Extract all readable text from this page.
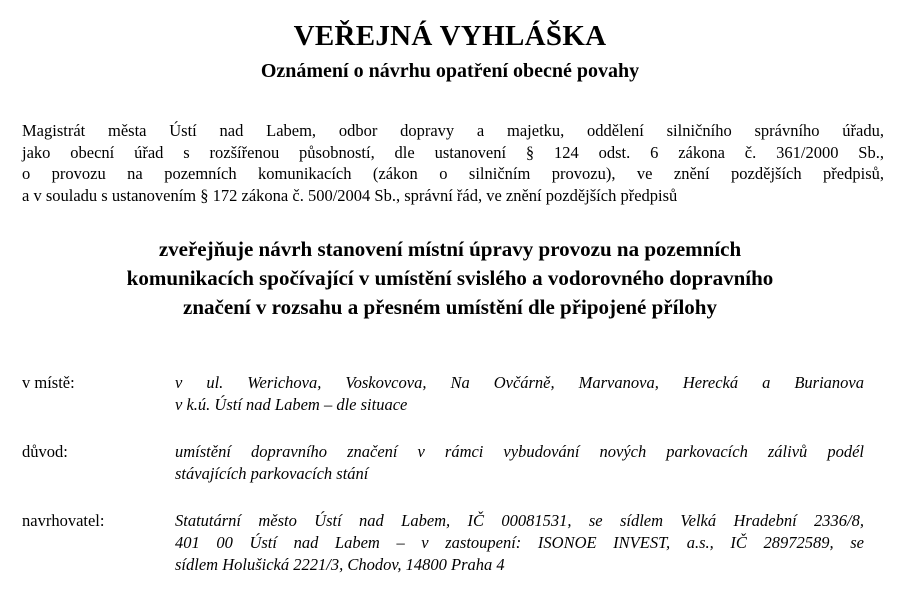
VEŘEJNÁ VYHLÁŠKA
Oznámení o návrhu opatření obecné povahy
Magistrát města Ústí nad Labem, odbor dopravy a majetku, oddělení silničního správního úřadu,
jako obecní úřad s rozšířenou působností, dle ustanovení § 124 odst. 6 zákona č. 361/2000 Sb.,
o provozu na pozemních komunikacích (zákon o silničním provozu), ve znění pozdějších předpisů,
a v souladu s ustanovením § 172 zákona č. 500/2004 Sb., správní řád, ve znění pozdějších předpisů
zveřejňuje návrh stanovení místní úpravy provozu na pozemních
komunikacích spočívající v umístění svislého a vodorovného dopravního
značení v rozsahu a přesném umístění dle připojené přílohy
v místě:	v ul. Werichova, Voskovcova, Na Ovčárně, Marvanova, Herecká a Burianova
v k.ú. Ústí nad Labem – dle situace
důvod:	umístění dopravního značení v rámci vybudování nových parkovacích zálivů podél
stávajících parkovacích stání
navrhovatel:	Statutární město Ústí nad Labem, IČ 00081531, se sídlem Velká Hradební 2336/8,
401 00 Ústí nad Labem – v zastoupení: ISONOE INVEST, a.s., IČ 28972589, se
sídlem Holušická 2221/3, Chodov, 14800 Praha 4
